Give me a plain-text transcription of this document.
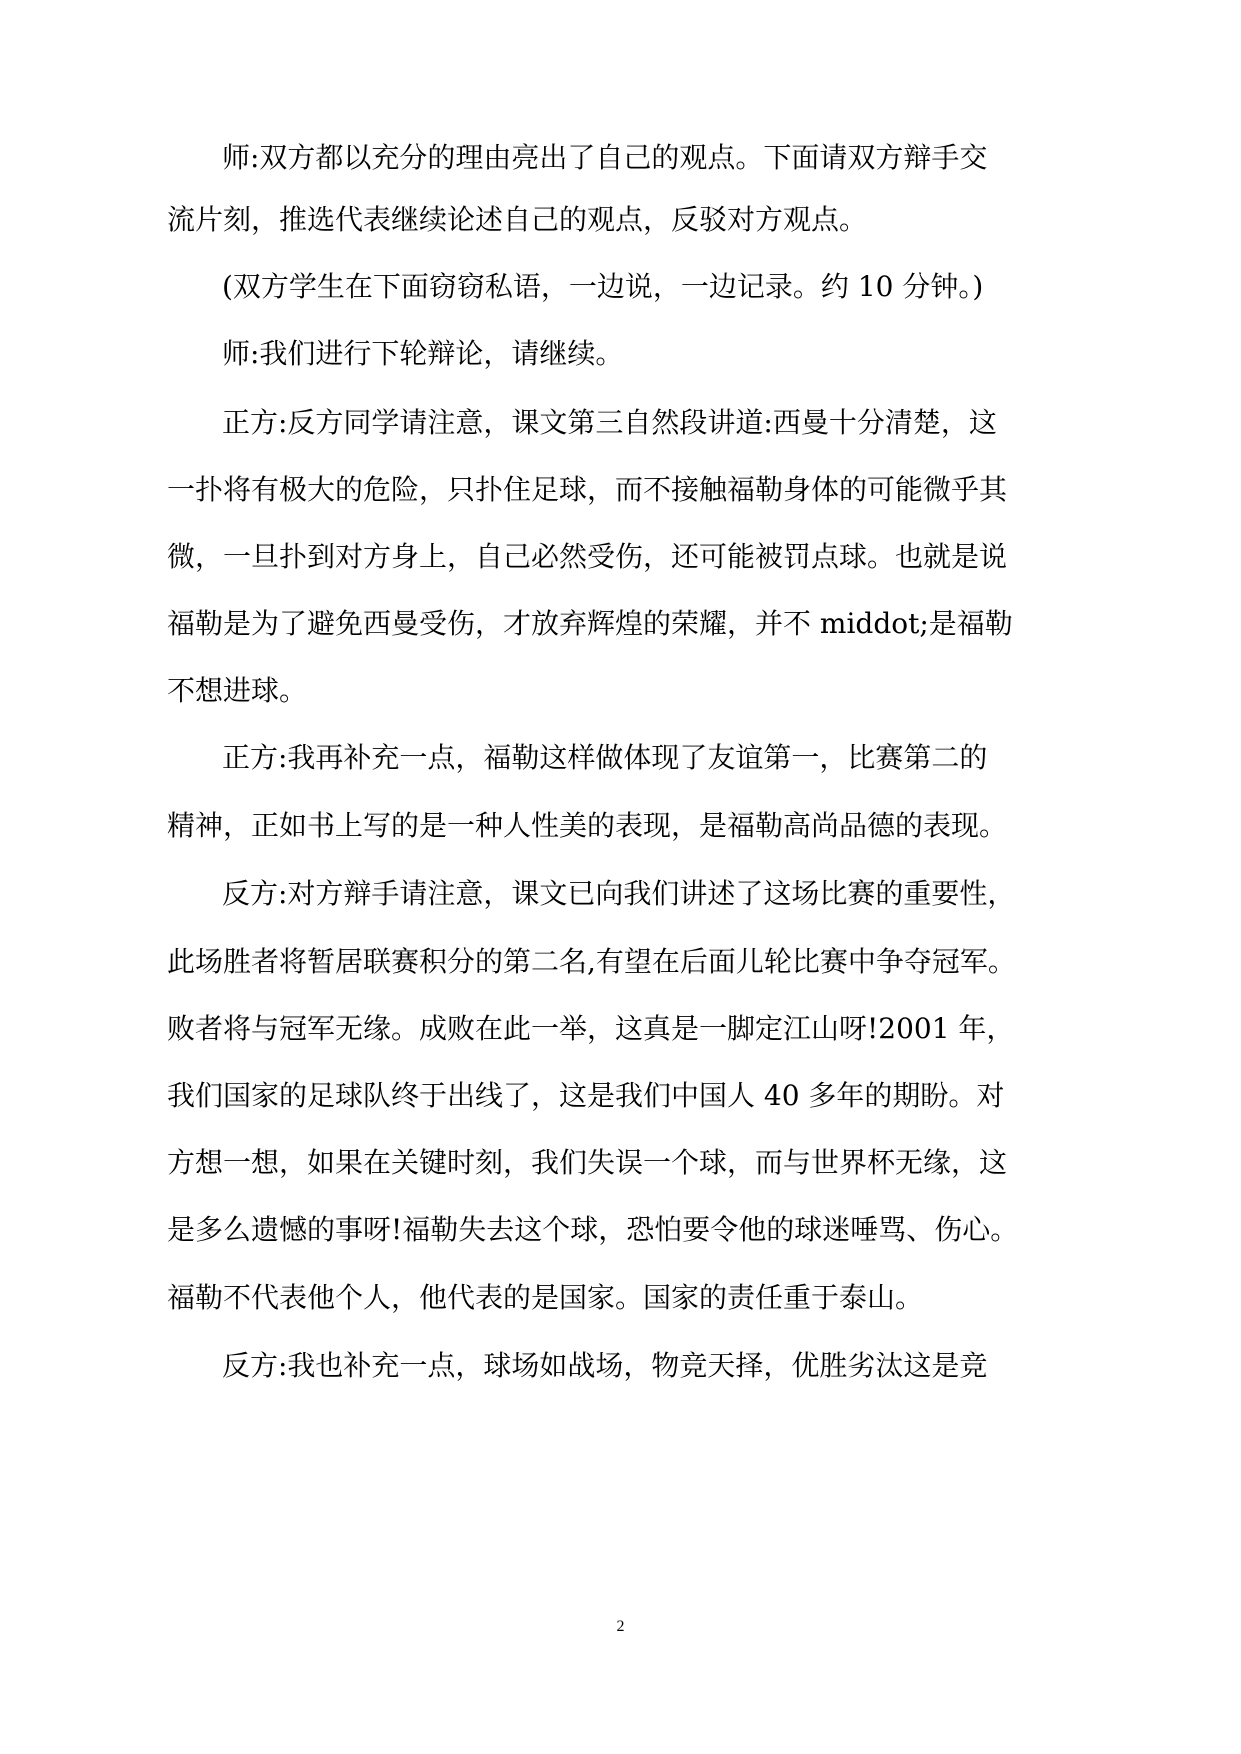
师:双方都以充分的理由亮出了自己的观点。下面请双方辩手交
流片刻，推选代表继续论述自己的观点，反驳对方观点。
(双方学生在下面窃窃私语，一边说，一边记录。约 10 分钟。)
师:我们进行下轮辩论，请继续。
正方:反方同学请注意，课文第三自然段讲道:西曼十分清楚，这
一扑将有极大的危险，只扑住足球，而不接触福勒身体的可能微乎其
微，一旦扑到对方身上，自己必然受伤，还可能被罚点球。也就是说
福勒是为了避免西曼受伤，才放弃辉煌的荣耀，并不 middot;是福勒
不想进球。
正方:我再补充一点，福勒这样做体现了友谊第一，比赛第二的
精神，正如书上写的是一种人性美的表现，是福勒高尚品德的表现。
反方:对方辩手请注意，课文已向我们讲述了这场比赛的重要性，
此场胜者将暂居联赛积分的第二名,有望在后面儿轮比赛中争夺冠军。
败者将与冠军无缘。成败在此一举，这真是一脚定江山呀!2001 年，
我们国家的足球队终于出线了，这是我们中国人 40 多年的期盼。对
方想一想，如果在关键时刻，我们失误一个球，而与世界杯无缘，这
是多么遗憾的事呀!福勒失去这个球，恐怕要令他的球迷唾骂、伤心。
福勒不代表他个人，他代表的是国家。国家的责任重于泰山。
反方:我也补充一点，球场如战场，物竞天择，优胜劣汰这是竞
2
